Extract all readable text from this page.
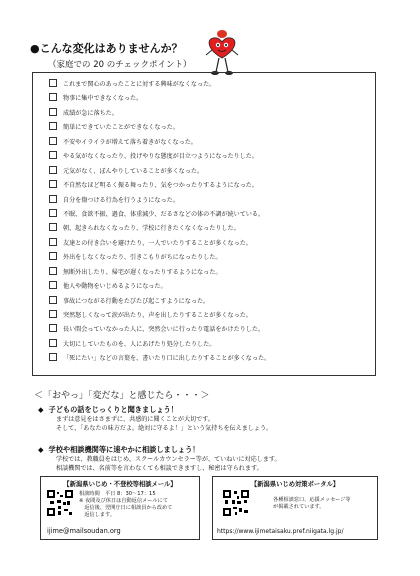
●こんな変化はありませんか？
（家庭での 20 のチェックポイント）
これまで関心のあったことに対する興味がなくなった。
物事に集中できなくなった。
成績が急に落ちた。
簡単にできていたことができなくなった。
不安やイライラが増えて落ち着きがなくなった。
やる気がなくなったり、投げやりな態度が目立つようになったりした。
元気がなく、ぼんやりしていることが多くなった。
不自然なほど明るく振る舞ったり、気をつかったりするようになった。
自分を傷つける行為を行うようになった。
不眠、食欲不振、過食、体重減少、だるさなどの体の不調が続いている。
朝、起きられなくなったり、学校に行きたくなくなったりした。
友達との付き合いを避けたり、一人でいたりすることが多くなった。
外出をしなくなったり、引きこもりがちになったりした。
無断外出したり、帰宅が遅くなったりするようになった。
他人や動物をいじめるようになった。
事故につながる行動をたびたび起こすようになった。
突然怒しくなって涙が出たり、声を出したりすることが多くなった。
長い間会っていなかった人に、突然会いに行ったり電話をかけたりした。
大切にしていたものを、人にあげたり処分したりした。
「死にたい」などの言葉を、書いたり口に出したりすることが多くなった。
＜「おやっ」「変だな」と感じたら・・・＞
◆ 子どもの話をじっくりと聞きましょう！
まずは意見をはさまずに、共感的に聞くことが大切です。
そして、「あなたの味方だよ。絶対に守るよ！」という気持ちを伝えましょう。
◆ 学校や相談機関等に速やかに相談しましょう！
学校では、教職員をはじめ、スクールカウンセラー等が、ていねいに対応します。
相談機関では、名前等を言わなくても相談できますし、秘密は守られます。
【新潟県いじめ・不登校等相談メール】
相談時間　平日 8：30～17：15
※ 夜間及び休日は自動返信メールにて
　返信後、翌開庁日に相談員から改めて
　返信します。
ijime@mailsoudan.org
【新潟県いじめ対策ポータル】
各種相談窓口、応援メッセージ等
が掲載されています。
https://www.ijimetaisaku.pref.niigata.lg.jp/
